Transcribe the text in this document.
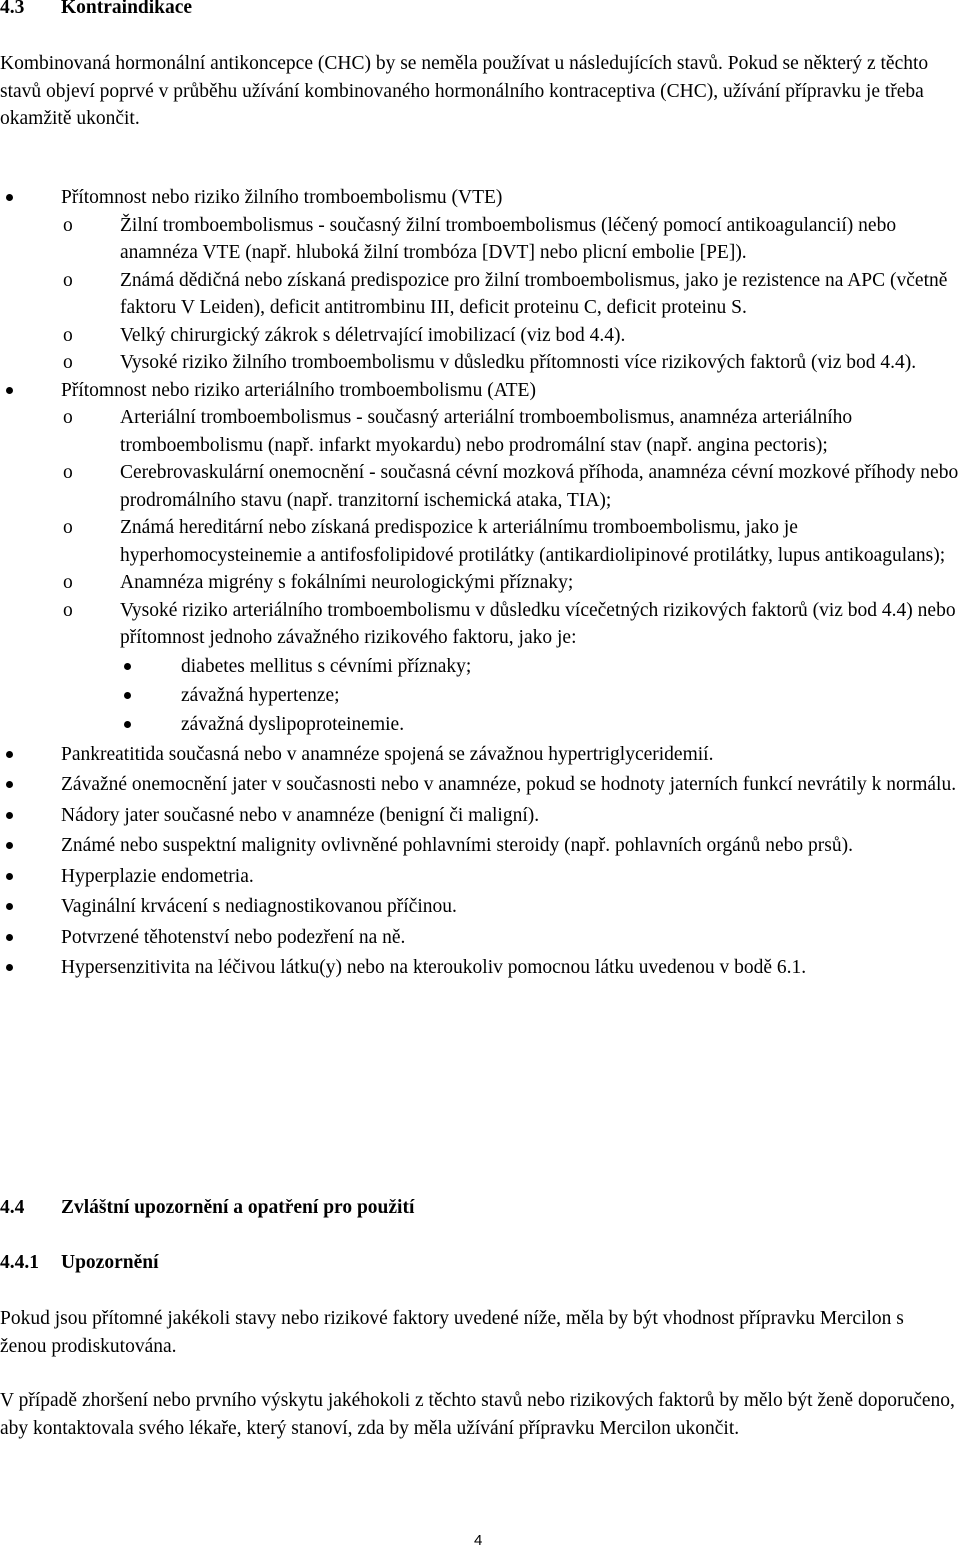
4.3 Kontraindikace

Kombinovaná hormonální antikoncepce (CHC) by se neměla používat u následujících stavů. Pokud se některý z těchto stavů objeví poprvé v průběhu užívání kombinovaného hormonálního kontraceptiva (CHC), užívání přípravku je třeba okamžitě ukončit.

Přítomnost nebo riziko žilního tromboembolismu (VTE)
o Žilní tromboembolismus - současný žilní tromboembolismus (léčený pomocí antikoagulancií) nebo anamnéza VTE (např. hluboká žilní trombóza [DVT] nebo plicní embolie [PE]).
o Známá dědičná nebo získaná predispozice pro žilní tromboembolismus, jako je rezistence na APC (včetně faktoru V Leiden), deficit antitrombinu III, deficit proteinu C, deficit proteinu S.
o Velký chirurgický zákrok s déletrvající imobilizací (viz bod 4.4).
o Vysoké riziko žilního tromboembolismu v důsledku přítomnosti více rizikových faktorů (viz bod 4.4).
Přítomnost nebo riziko arteriálního tromboembolismu (ATE)
o Arteriální tromboembolismus - současný arteriální tromboembolismus, anamnéza arteriálního tromboembolismu (např. infarkt myokardu) nebo prodromální stav (např. angina pectoris);
o Cerebrovaskulární onemocnění - současná cévní mozková příhoda, anamnéza cévní mozkové příhody nebo prodromálního stavu (např. tranzitorní ischemická ataka, TIA);
o Známá hereditární nebo získaná predispozice k arteriálnímu tromboembolismu, jako je hyperhomocysteinemie a antifosfolipidové protilátky (antikardiolipinové protilátky, lupus antikoagulans);
o Anamnéza migrény s fokálními neurologickými příznaky;
o Vysoké riziko arteriálního tromboembolismu v důsledku vícečetných rizikových faktorů (viz bod 4.4) nebo přítomnost jednoho závažného rizikového faktoru, jako je:
diabetes mellitus s cévními příznaky;
závažná hypertenze;
závažná dyslipoproteinemie.
Pankreatitida současná nebo v anamnéze spojená se závažnou hypertriglyceridemií.
Závažné onemocnění jater v současnosti nebo v anamnéze, pokud se hodnoty jaterních funkcí nevrátily k normálu.
Nádory jater současné nebo v anamnéze (benigní či maligní).
Známé nebo suspektní malignity ovlivněné pohlavními steroidy (např. pohlavních orgánů nebo prsů).
Hyperplazie endometria.
Vaginální krvácení s nediagnostikovanou příčinou.
Potvrzené těhotenství nebo podezření na ně.
Hypersenzitivita na léčivou látku(y) nebo na kteroukoliv pomocnou látku uvedenou v bodě 6.1.
4.4 Zvláštní upozornění a opatření pro použití
4.4.1 Upozornění

Pokud jsou přítomné jakékoli stavy nebo rizikové faktory uvedené níže, měla by být vhodnost přípravku Mercilon s ženou prodiskutována.

V případě zhoršení nebo prvního výskytu jakéhokoli z těchto stavů nebo rizikových faktorů by mělo být ženě doporučeno, aby kontaktovala svého lékaře, který stanoví, zda by měla užívání přípravku Mercilon ukončit.

4
